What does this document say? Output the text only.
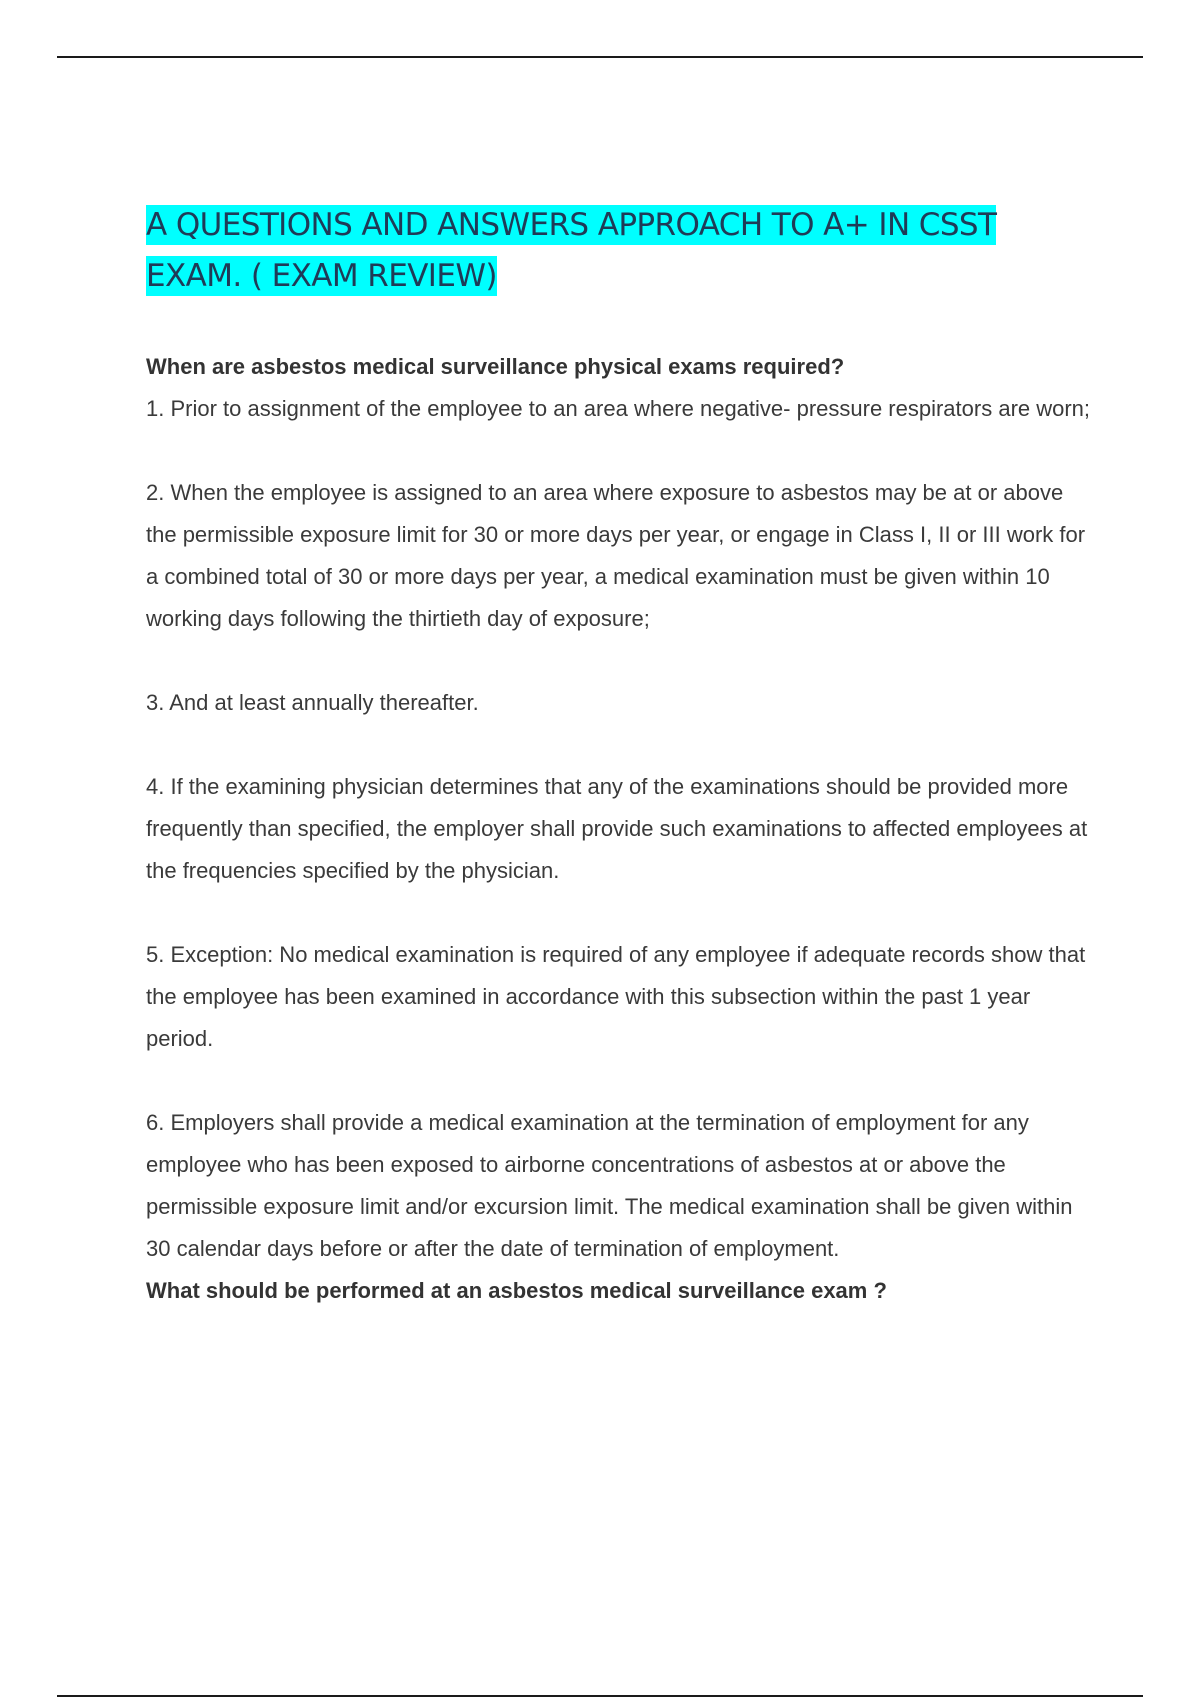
A QUESTIONS AND ANSWERS APPROACH TO A+ IN CSST EXAM. ( EXAM REVIEW)
When are asbestos medical surveillance physical exams required?

1. Prior to assignment of the employee to an area where negative- pressure respirators are worn;

2. When the employee is assigned to an area where exposure to asbestos may be at or above the permissible exposure limit for 30 or more days per year, or engage in Class I, II or III work for a combined total of 30 or more days per year, a medical examination must be given within 10 working days following the thirtieth day of exposure;

3. And at least annually thereafter.

4. If the examining physician determines that any of the examinations should be provided more frequently than specified, the employer shall provide such examinations to affected employees at the frequencies specified by the physician.

5. Exception: No medical examination is required of any employee if adequate records show that the employee has been examined in accordance with this subsection within the past 1 year period.

6. Employers shall provide a medical examination at the termination of employment for any employee who has been exposed to airborne concentrations of asbestos at or above the permissible exposure limit and/or excursion limit. The medical examination shall be given within 30 calendar days before or after the date of termination of employment.

What should be performed at an asbestos medical surveillance exam ?
